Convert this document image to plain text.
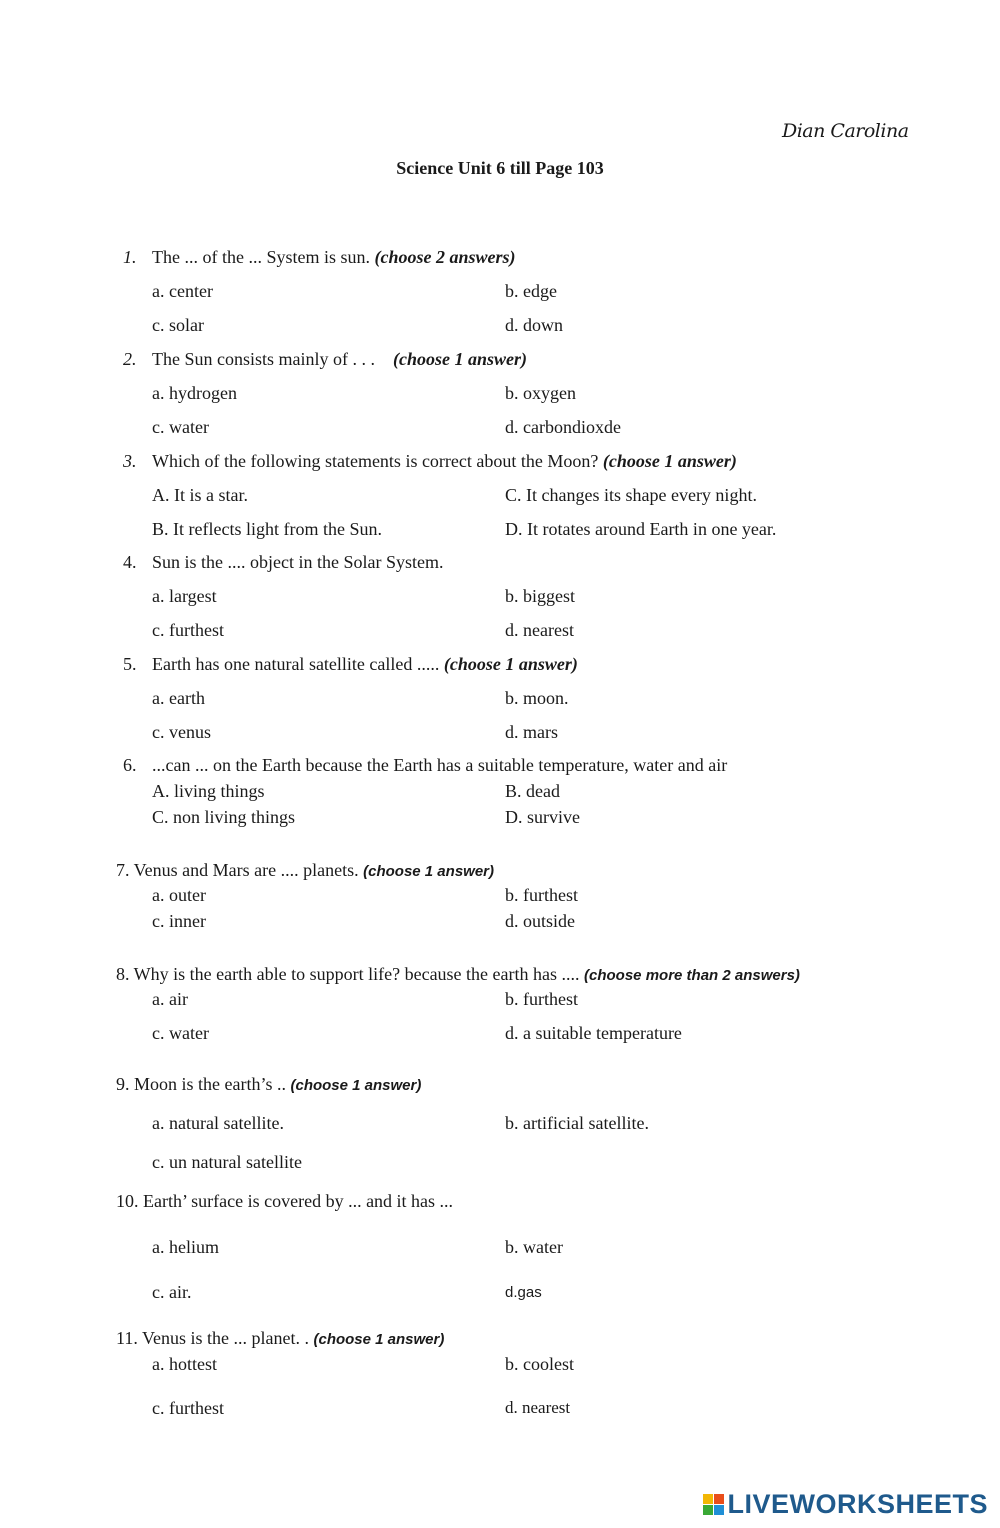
Dian Carolina
Science Unit 6 till Page 103
1. The ... of the ... System is sun. (choose 2 answers)
a. center	b. edge
c. solar	d. down
2. The Sun consists mainly of . . . (choose 1 answer)
a. hydrogen	b. oxygen
c. water	d. carbondioxde
3. Which of the following statements is correct about the Moon? (choose 1 answer)
A. It is a star.	C. It changes its shape every night.
B. It reflects light from the Sun.	D. It rotates around Earth in one year.
4. Sun is the .... object in the Solar System.
a. largest	b. biggest
c. furthest	d. nearest
5. Earth has one natural satellite called ..... (choose 1 answer)
a. earth	b. moon.
c. venus	d. mars
6. ...can ... on the Earth because the Earth has a suitable temperature, water and air
A. living things	B. dead
C. non living things	D. survive
7. Venus and Mars are .... planets. (choose 1 answer)
a. outer	b. furthest
c. inner	d. outside
8. Why is the earth able to support life? because the earth has .... (choose more than 2 answers)
a. air	b. furthest
c. water	d. a suitable temperature
9. Moon is the earth’s .. (choose 1 answer)
a. natural satellite.	b. artificial satellite.
c. un natural satellite
10. Earth’ surface is covered by ... and it has ...
a. helium	b. water
c. air.	d.gas
11. Venus is the ... planet. . (choose 1 answer)
a. hottest	b. coolest
c. furthest	d. nearest
LIVEWORKSHEETS
